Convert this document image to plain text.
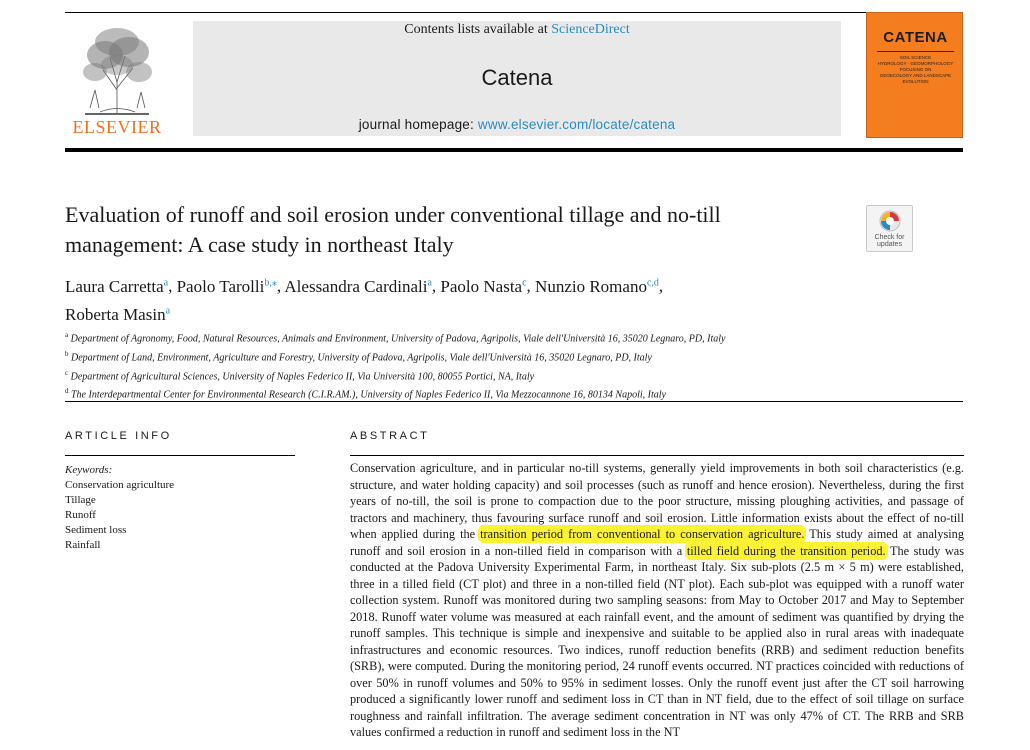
ELSEVIER
Contents lists available at ScienceDirect
Catena
journal homepage: www.elsevier.com/locate/catena
CATENA
SOIL SCIENCE
HYDROLOGY · GEOMORPHOLOGY
FOCUSING ON
GEOECOLOGY AND LANDSCAPE EVOLUTION
Evaluation of runoff and soil erosion under conventional tillage and no-till
management: A case study in northeast Italy	Check for
updates
Laura Carretta$^a$, Paolo Tarolli$^{b,⁎}$, Alessandra Cardinali$^a$, Paolo Nasta$^c$, Nunzio Romano$^{c,d}$,
Roberta Masin$^a$
$^a$ Department of Agronomy, Food, Natural Resources, Animals and Environment, University of Padova, Agripolis, Viale dell'Università 16, 35020 Legnaro, PD, Italy
$^b$ Department of Land, Environment, Agriculture and Forestry, University of Padova, Agripolis, Viale dell'Università 16, 35020 Legnaro, PD, Italy
$^c$ Department of Agricultural Sciences, University of Naples Federico II, Via Università 100, 80055 Portici, NA, Italy
$^d$ The Interdepartmental Center for Environmental Research (C.I.R.AM.), University of Naples Federico II, Via Mezzocannone 16, 80134 Napoli, Italy
ARTICLE INFO
Keywords:
Conservation agriculture
Tillage
Runoff
Sediment loss
Rainfall
ABSTRACT
Conservation agriculture, and in particular no-till systems, generally yield improvements in both soil characteristics (e.g. structure, and water holding capacity) and soil processes (such as runoff and hence erosion). Nevertheless, during the first years of no-till, the soil is prone to compaction due to the poor structure, missing ploughing activities, and passage of tractors and machinery, thus favouring surface runoff and soil erosion. Little information exists about the effect of no-till when applied during the transition period from conventional to conservation agriculture. This study aimed at analysing runoff and soil erosion in a non-tilled field in comparison with a tilled field during the transition period. The study was conducted at the Padova University Experimental Farm, in northeast Italy. Six sub-plots (2.5 m × 5 m) were established, three in a tilled field (CT plot) and three in a non-tilled field (NT plot). Each sub-plot was equipped with a runoff water collection system. Runoff was monitored during two sampling seasons: from May to October 2017 and May to September 2018. Runoff water volume was measured at each rainfall event, and the amount of sediment was quantified by drying the runoff samples. This technique is simple and inexpensive and suitable to be applied also in rural areas with inadequate infrastructures and economic resources. Two indices, runoff reduction benefits (RRB) and sediment reduction benefits (SRB), were computed. During the monitoring period, 24 runoff events occurred. NT practices coincided with reductions of over 50% in runoff volumes and 50% to 95% in sediment losses. Only the runoff event just after the CT soil harrowing produced a significantly lower runoff and sediment loss in CT than in NT field, due to the effect of soil tillage on surface roughness and rainfall infiltration. The average sediment concentration in NT was only 47% of CT. The RRB and SRB values confirmed a reduction in runoff and sediment loss in the NT
